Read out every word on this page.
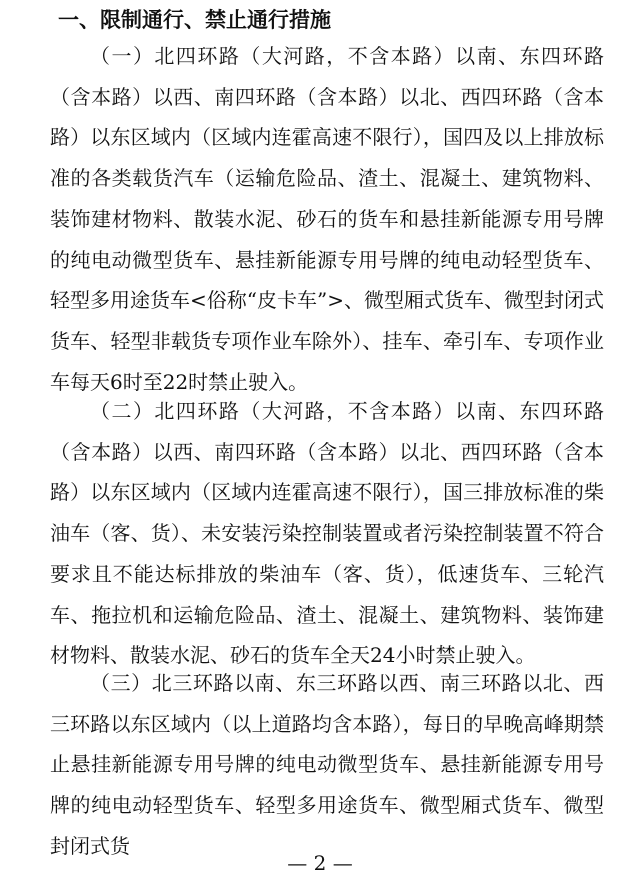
一、限制通行、禁止通行措施

（一）北四环路（大河路，不含本路）以南、东四环路（含本路）以西、南四环路（含本路）以北、西四环路（含本路）以东区域内（区域内连霍高速不限行），国四及以上排放标准的各类载货汽车（运输危险品、渣土、混凝土、建筑物料、装饰建材物料、散装水泥、砂石的货车和悬挂新能源专用号牌的纯电动微型货车、悬挂新能源专用号牌的纯电动轻型货车、轻型多用途货车<俗称“皮卡车”>、微型厢式货车、微型封闭式货车、轻型非载货专项作业车除外）、挂车、牵引车、专项作业车每天6时至22时禁止驶入。

（二）北四环路（大河路，不含本路）以南、东四环路（含本路）以西、南四环路（含本路）以北、西四环路（含本路）以东区域内（区域内连霍高速不限行），国三排放标准的柴油车（客、货）、未安装污染控制装置或者污染控制装置不符合要求且不能达标排放的柴油车（客、货），低速货车、三轮汽车、拖拉机和运输危险品、渣土、混凝土、建筑物料、装饰建材物料、散装水泥、砂石的货车全天24小时禁止驶入。

（三）北三环路以南、东三环路以西、南三环路以北、西三环路以东区域内（以上道路均含本路），每日的早晚高峰期禁止悬挂新能源专用号牌的纯电动微型货车、悬挂新能源专用号牌的纯电动轻型货车、轻型多用途货车、微型厢式货车、微型封闭式货

— 2 —
